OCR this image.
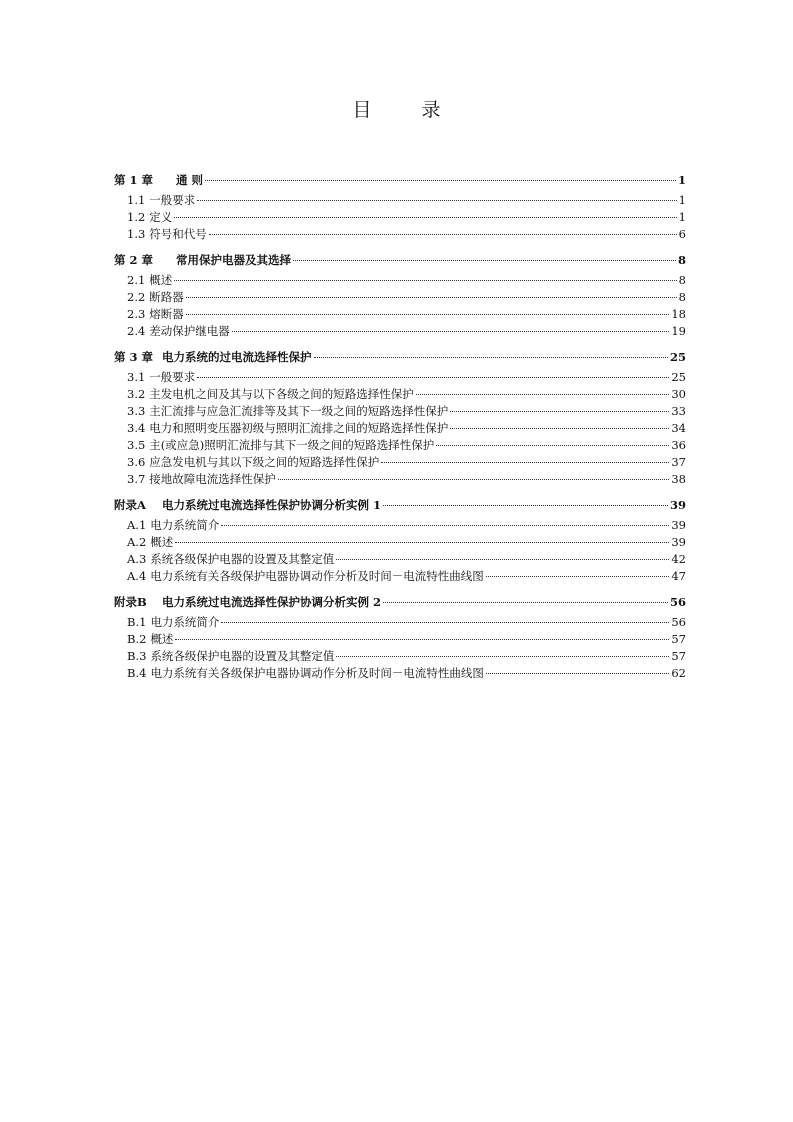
目 录
第 1 章	通 则	1
1.1 一般要求	1
1.2 定义	1
1.3 符号和代号	6
第 2 章	常用保护电器及其选择	8
2.1 概述	8
2.2 断路器	8
2.3 熔断器	18
2.4 差动保护继电器	19
第 3 章 电力系统的过电流选择性保护	25
3.1 一般要求	25
3.2 主发电机之间及其与以下各级之间的短路选择性保护	30
3.3 主汇流排与应急汇流排等及其下一级之间的短路选择性保护	33
3.4 电力和照明变压器初级与照明汇流排之间的短路选择性保护	34
3.5 主(或应急)照明汇流排与其下一级之间的短路选择性保护	36
3.6 应急发电机与其以下级之间的短路选择性保护	37
3.7 接地故障电流选择性保护	38
附录A	电力系统过电流选择性保护协调分析实例 1	39
A.1 电力系统简介	39
A.2 概述	39
A.3 系统各级保护电器的设置及其整定值	42
A.4 电力系统有关各级保护电器协调动作分析及时间－电流特性曲线图	47
附录B	电力系统过电流选择性保护协调分析实例 2	56
B.1 电力系统简介	56
B.2 概述	57
B.3 系统各级保护电器的设置及其整定值	57
B.4 电力系统有关各级保护电器协调动作分析及时间－电流特性曲线图	62
